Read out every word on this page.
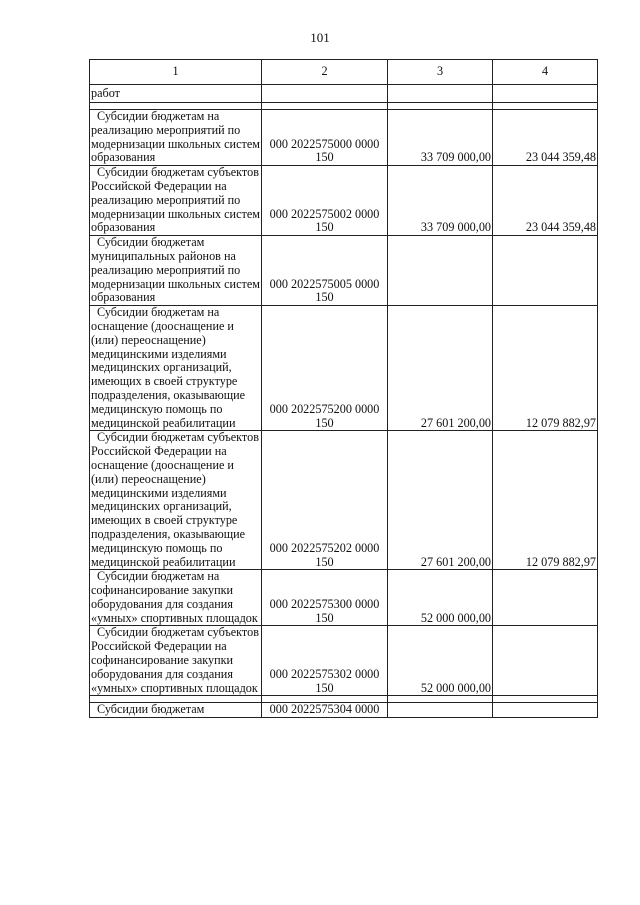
101
1	2	3	4
работ			

Субсидии бюджетам на реализацию мероприятий по модернизации школьных систем образования	000 2022575000 0000 150	33 709 000,00	23 044 359,48

Субсидии бюджетам субъектов Российской Федерации на реализацию мероприятий по модернизации школьных систем образования	000 2022575002 0000 150	33 709 000,00	23 044 359,48

Субсидии бюджетам муниципальных районов на реализацию мероприятий по модернизации школьных систем образования	000 2022575005 0000 150		

Субсидии бюджетам на оснащение (дооснащение и (или) переоснащение) медицинскими изделиями медицинских организаций, имеющих в своей структуре подразделения, оказывающие медицинскую помощь по медицинской реабилитации	000 2022575200 0000 150	27 601 200,00	12 079 882,97

Субсидии бюджетам субъектов Российской Федерации на оснащение (дооснащение и (или) переоснащение) медицинскими изделиями медицинских организаций, имеющих в своей структуре подразделения, оказывающие медицинскую помощь по медицинской реабилитации	000 2022575202 0000 150	27 601 200,00	12 079 882,97

Субсидии бюджетам на софинансирование закупки оборудования для создания «умных» спортивных площадок	000 2022575300 0000 150	52 000 000,00	

Субсидии бюджетам субъектов Российской Федерации на софинансирование закупки оборудования для создания «умных» спортивных площадок	000 2022575302 0000 150	52 000 000,00	

Субсидии бюджетам	000 2022575304 0000		
